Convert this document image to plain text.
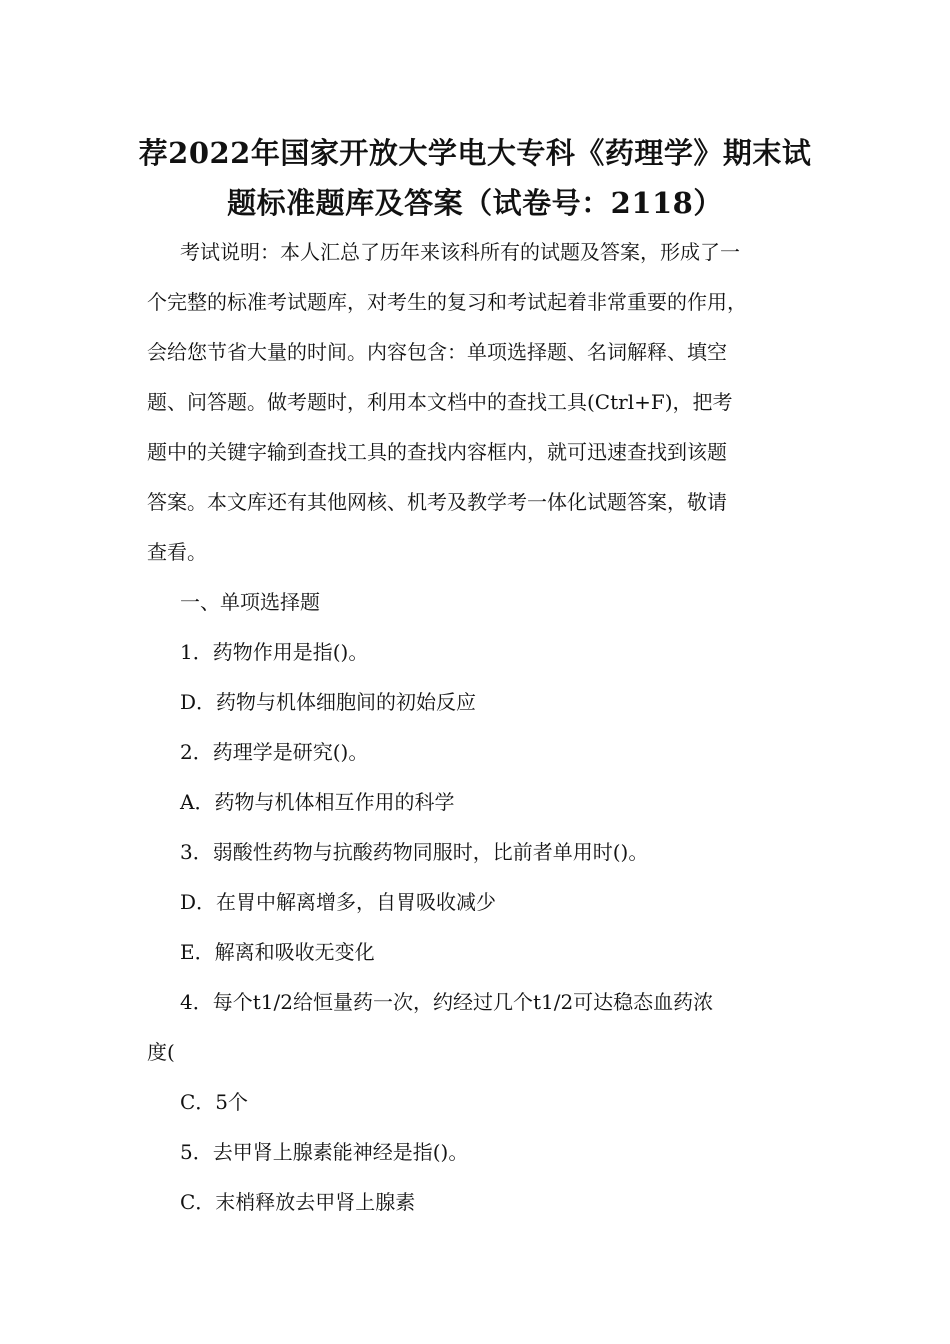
荐2022年国家开放大学电大专科《药理学》期末试
题标准题库及答案（试卷号：2118）
考试说明：本人汇总了历年来该科所有的试题及答案，形成了一
个完整的标准考试题库，对考生的复习和考试起着非常重要的作用，
会给您节省大量的时间。内容包含：单项选择题、名词解释、填空
题、问答题。做考题时，利用本文档中的查找工具(Ctrl+F)，把考
题中的关键字输到查找工具的查找内容框内，就可迅速查找到该题
答案。本文库还有其他网核、机考及教学考一体化试题答案，敬请
查看。
一、单项选择题
1．药物作用是指()。
D．药物与机体细胞间的初始反应
2．药理学是研究()。
A．药物与机体相互作用的科学
3．弱酸性药物与抗酸药物同服时，比前者单用时()。
D．在胃中解离增多，自胃吸收减少
E．解离和吸收无变化
4．每个t1/2给恒量药一次，约经过几个t1/2可达稳态血药浓
度(
C．5个
5．去甲肾上腺素能神经是指()。
C．末梢释放去甲肾上腺素
